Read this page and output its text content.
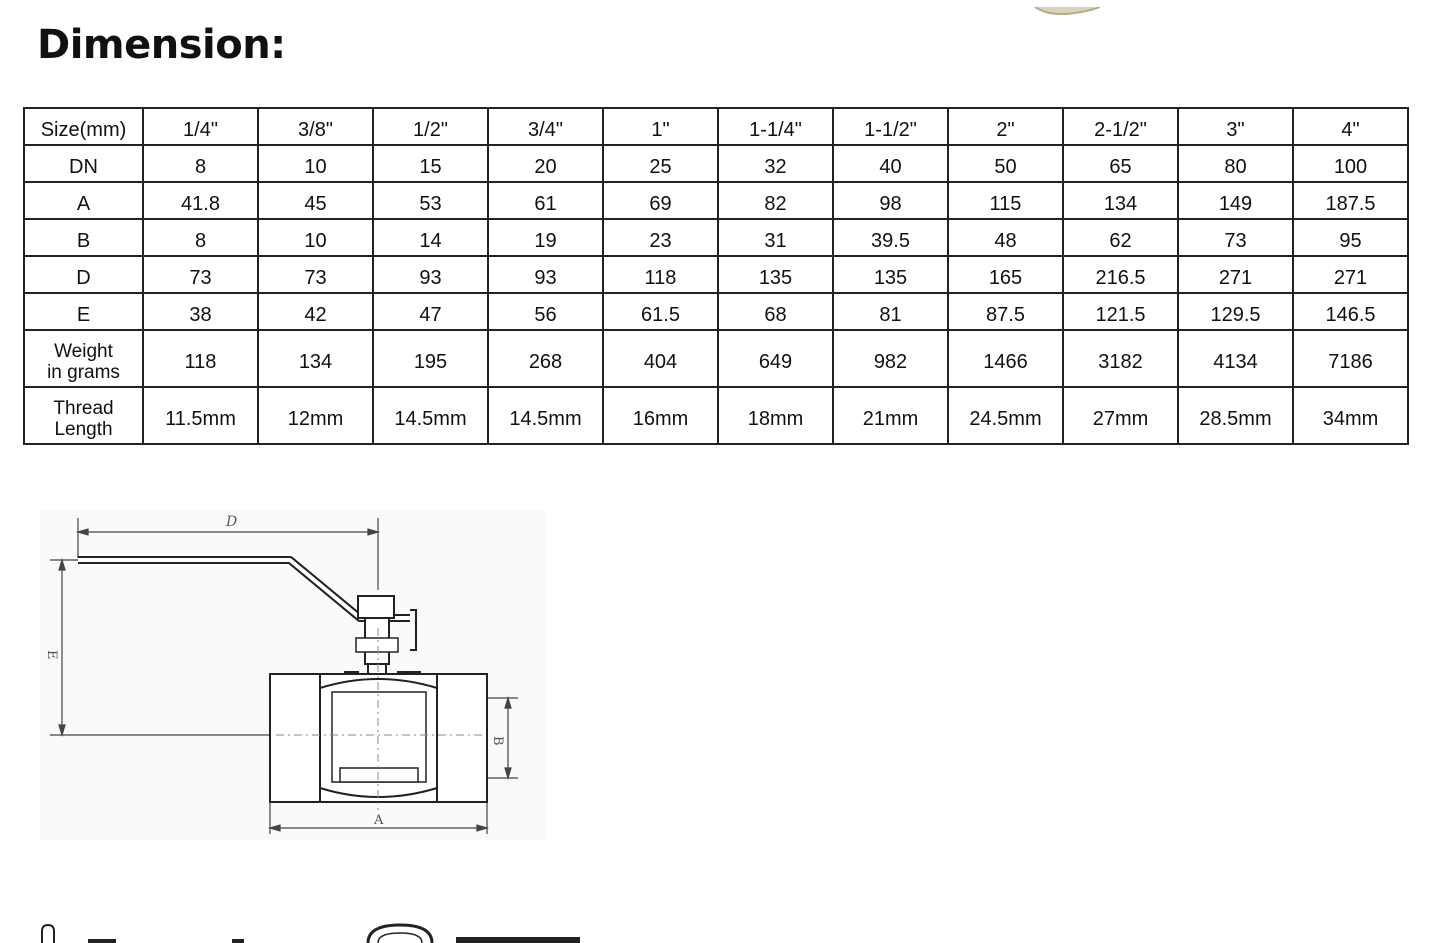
Dimension:
Size(mm)	1/4"	3/8"	1/2"	3/4"	1"	1-1/4"	1-1/2"	2"	2-1/2"	3"	4"
DN	8	10	15	20	25	32	40	50	65	80	100
A	41.8	45	53	61	69	82	98	115	134	149	187.5
B	8	10	14	19	23	31	39.5	48	62	73	95
D	73	73	93	93	118	135	135	165	216.5	271	271
E	38	42	47	56	61.5	68	81	87.5	121.5	129.5	146.5
Weight
in grams	118	134	195	268	404	649	982	1466	3182	4134	7186
Thread
Length	11.5mm	12mm	14.5mm	14.5mm	16mm	18mm	21mm	24.5mm	27mm	28.5mm	34mm
D
E
B
A
